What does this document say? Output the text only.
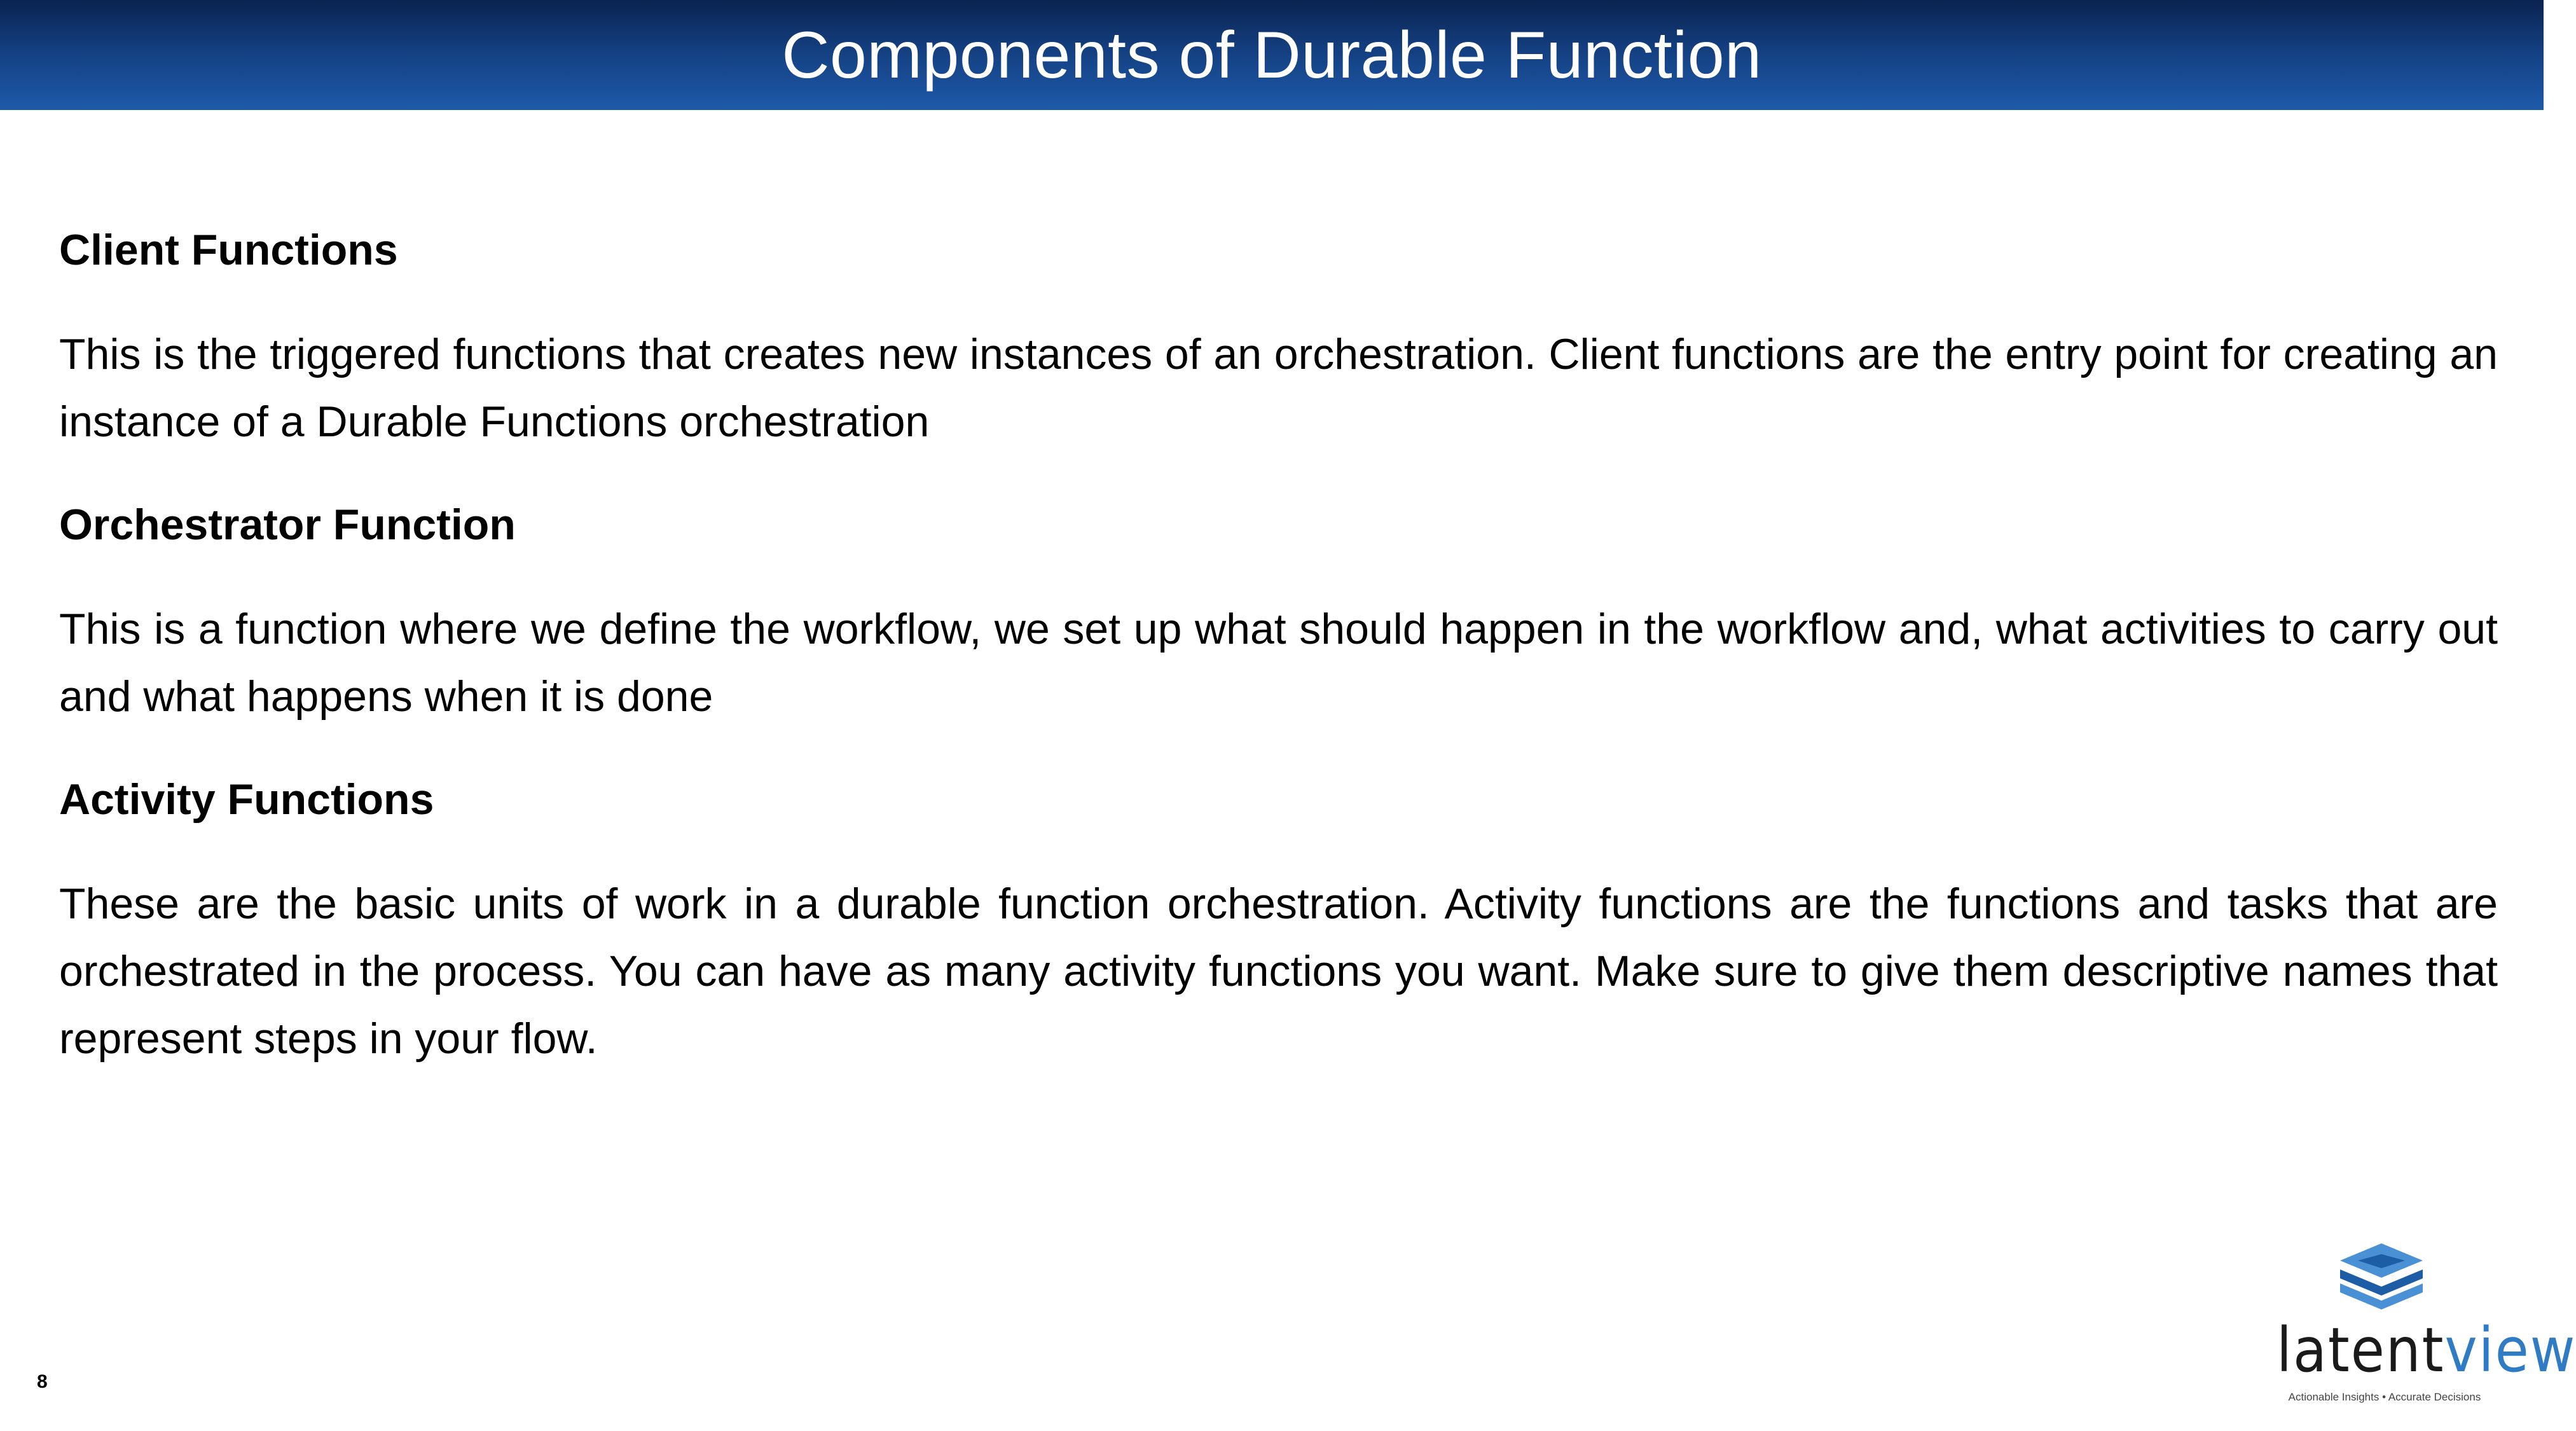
Components of Durable Function

Client Functions

This is the triggered functions that creates new instances of an orchestration. Client functions are the entry point for creating an instance of a Durable Functions orchestration

Orchestrator Function

This is a function where we define the workflow, we set up what should happen in the workflow and, what activities to carry out and what happens when it is done

Activity Functions

These are the basic units of work in a durable function orchestration. Activity functions are the functions and tasks that are orchestrated in the process. You can have as many activity functions you want. Make sure to give them descriptive names that represent steps in your flow.

8	latentview
Actionable Insights • Accurate Decisions
